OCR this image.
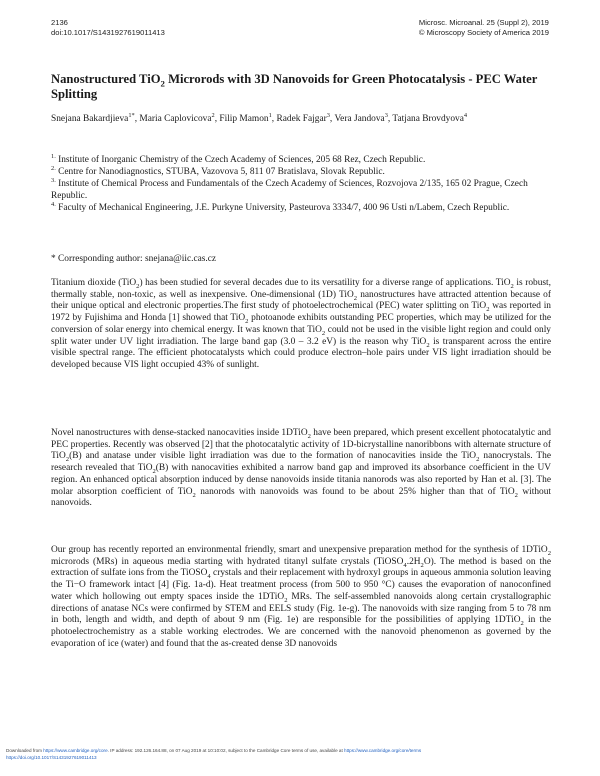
2136
doi:10.1017/S1431927619011413
Microsc. Microanal. 25 (Suppl 2), 2019
© Microscopy Society of America 2019
Nanostructured TiO$_2$ Microrods with 3D Nanovoids for Green Photocatalysis - PEC Water Splitting
Snejana Bakardjieva$^{1*}$, Maria Caplovicova$^2$, Filip Mamon$^1$, Radek Fajgar$^3$, Vera Jandova$^3$, Tatjana Brovdyova$^4$
$^{1.}$ Institute of Inorganic Chemistry of the Czech Academy of Sciences, 205 68 Rez, Czech Republic.
$^{2.}$ Centre for Nanodiagnostics, STUBA, Vazovova 5, 811 07 Bratislava, Slovak Republic.
$^{3.}$ Institute of Chemical Process and Fundamentals of the Czech Academy of Sciences, Rozvojova 2/135, 165 02 Prague, Czech Republic.
$^{4.}$ Faculty of Mechanical Engineering, J.E. Purkyne University, Pasteurova 3334/7, 400 96 Usti n/Labem, Czech Republic.
* Corresponding author: snejana@iic.cas.cz
Titanium dioxide (TiO$_2$) has been studied for several decades due to its versatility for a diverse range of applications. TiO$_2$ is robust, thermally stable, non-toxic, as well as inexpensive. One-dimensional (1D) TiO$_2$ nanostructures have attracted attention because of their unique optical and electronic properties.The first study of photoelectrochemical (PEC) water splitting on TiO$_2$ was reported in 1972 by Fujishima and Honda [1] showed that TiO$_2$ photoanode exhibits outstanding PEC properties, which may be utilized for the conversion of solar energy into chemical energy. It was known that TiO$_2$ could not be used in the visible light region and could only split water under UV light irradiation. The large band gap (3.0 – 3.2 eV) is the reason why TiO$_2$ is transparent across the entire visible spectral range. The efficient photocatalysts which could produce electron–hole pairs under VIS light irradiation should be developed because VIS light occupied 43% of sunlight.
Novel nanostructures with dense-stacked nanocavities inside 1DTiO$_2$ have been prepared, which present excellent photocatalytic and PEC properties. Recently was observed [2] that the photocatalytic activity of 1D-bicrystalline nanoribbons with alternate structure of TiO$_2$(B) and anatase under visible light irradiation was due to the formation of nanocavities inside the TiO$_2$ nanocrystals. The research revealed that TiO$_2$(B) with nanocavities exhibited a narrow band gap and improved its absorbance coefficient in the UV region. An enhanced optical absorption induced by dense nanovoids inside titania nanorods was also reported by Han et al. [3]. The molar absorption coefficient of TiO$_2$ nanorods with nanovoids was found to be about 25% higher than that of TiO$_2$ without nanovoids.
Our group has recently reported an environmental friendly, smart and unexpensive preparation method for the synthesis of 1DTiO$_2$ microrods (MRs) in aqueous media starting with hydrated titanyl sulfate crystals $(TiOSO_4.2H_2O)$. The method is based on the extraction of sulfate ions from the TiOSO$_4$ crystals and their replacement with hydroxyl groups in aqueous ammonia solution leaving the Ti−O framework intact [4] (Fig. 1a-d). Heat treatment process (from 500 to 950 °C) causes the evaporation of nanoconfined water which hollowing out empty spaces inside the 1DTiO$_2$ MRs. The self-assembled nanovoids along certain crystallographic directions of anatase NCs were confirmed by STEM and EELS study (Fig. 1e-g). The nanovoids with size ranging from 5 to 78 nm in both, length and width, and depth of about 9 nm (Fig. 1e) are responsible for the possibilities of applying 1DTiO$_2$ in the photoelectrochemistry as a stable working electrodes. We are concerned with the nanovoid phenomenon as governed by the evaporation of ice (water) and found that the as-created dense 3D nanovoids
Downloaded from https://www.cambridge.org/core. IP address: 192.126.164.88, on 07 Aug 2019 at 10:10:02, subject to the Cambridge Core terms of use, available at https://www.cambridge.org/core/terms
https://doi.org/10.1017/S1431927619011413
